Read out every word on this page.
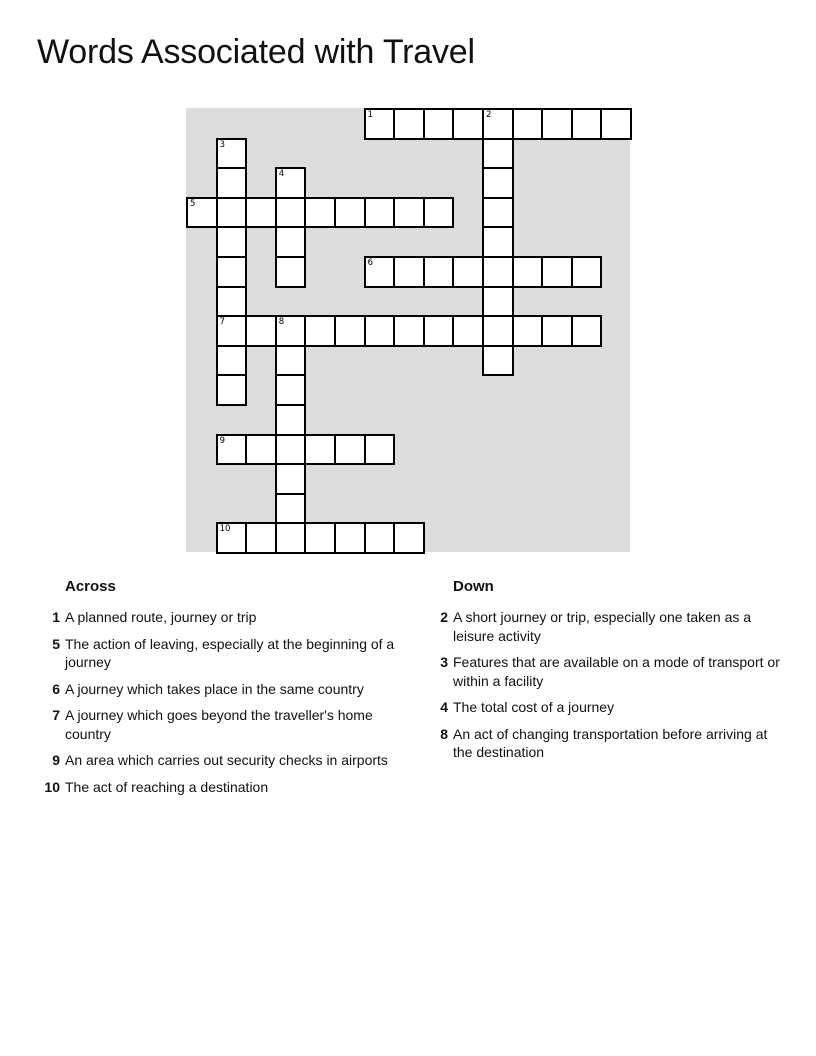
Words Associated with Travel
1	2
3
7
4
5
6
8
9
10
Across
1 A planned route, journey or trip
5 The action of leaving, especially at the beginning of a journey
6 A journey which takes place in the same country
7 A journey which goes beyond the traveller's home country
9 An area which carries out security checks in airports
10 The act of reaching a destination
Down
2 A short journey or trip, especially one taken as a leisure activity
3 Features that are available on a mode of transport or within a facility
4 The total cost of a journey
8 An act of changing transportation before arriving at the destination
